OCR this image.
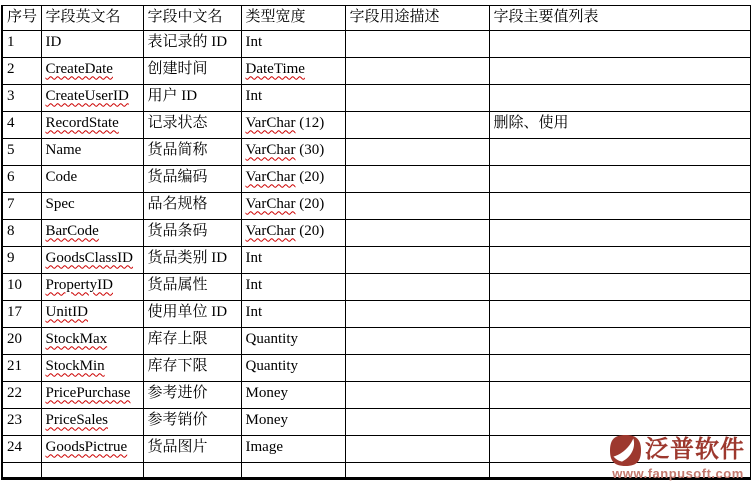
序号	字段英文名	字段中文名	类型宽度	字段用途描述	字段主要值列表
1	ID	表记录的 ID	Int		
2	CreateDate	创建时间	DateTime		
3	CreateUserID	用户 ID	Int		
4	RecordState	记录状态	VarChar (12)		删除、使用
5	Name	货品简称	VarChar (30)		
6	Code	货品编码	VarChar (20)		
7	Spec	品名规格	VarChar (20)		
8	BarCode	货品条码	VarChar (20)		
9	GoodsClassID	货品类别 ID	Int		
10	PropertyID	货品属性	Int		
17	UnitID	使用单位 ID	Int		
20	StockMax	库存上限	Quantity		
21	StockMin	库存下限	Quantity		
22	PricePurchase	参考进价	Money		
23	PriceSales	参考销价	Money		
24	GoodsPictrue	货品图片	Image		
						泛普软件
www.fanpusoft.com
